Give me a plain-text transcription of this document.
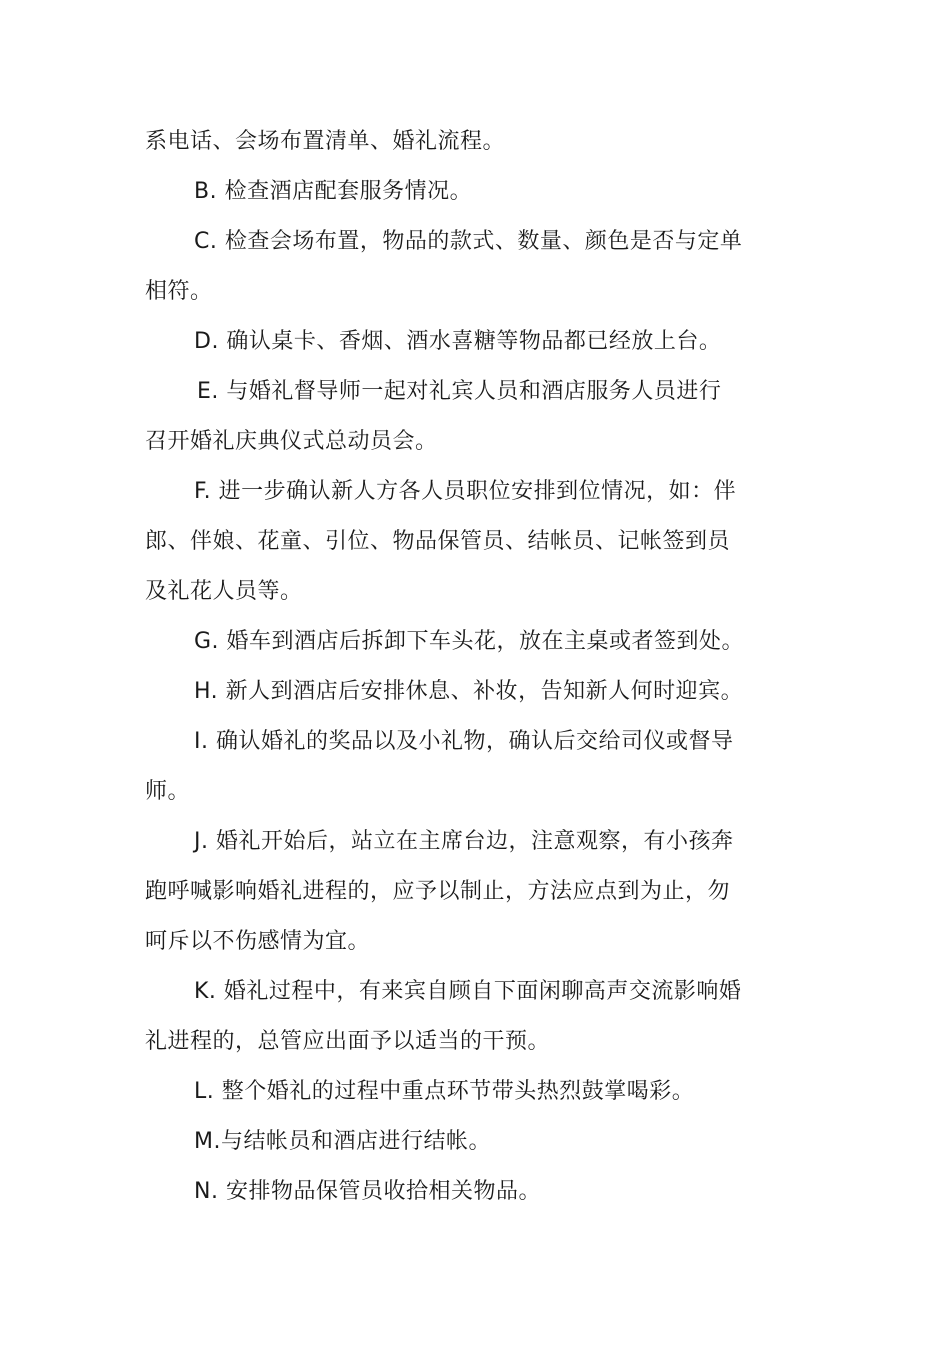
系电话、会场布置清单、婚礼流程。
B. 检查酒店配套服务情况。
C. 检查会场布置，物品的款式、数量、颜色是否与定单
相符。
D. 确认桌卡、香烟、酒水喜糖等物品都已经放上台。
E. 与婚礼督导师一起对礼宾人员和酒店服务人员进行
召开婚礼庆典仪式总动员会。
F. 进一步确认新人方各人员职位安排到位情况，如：伴
郎、伴娘、花童、引位、物品保管员、结帐员、记帐签到员
及礼花人员等。
G. 婚车到酒店后拆卸下车头花，放在主桌或者签到处。
H. 新人到酒店后安排休息、补妆，告知新人何时迎宾。
I. 确认婚礼的奖品以及小礼物，确认后交给司仪或督导
师。
J. 婚礼开始后，站立在主席台边，注意观察，有小孩奔
跑呼喊影响婚礼进程的，应予以制止，方法应点到为止，勿
呵斥以不伤感情为宜。
K. 婚礼过程中，有来宾自顾自下面闲聊高声交流影响婚
礼进程的，总管应出面予以适当的干预。
L. 整个婚礼的过程中重点环节带头热烈鼓掌喝彩。
M.与结帐员和酒店进行结帐。
N. 安排物品保管员收拾相关物品。
